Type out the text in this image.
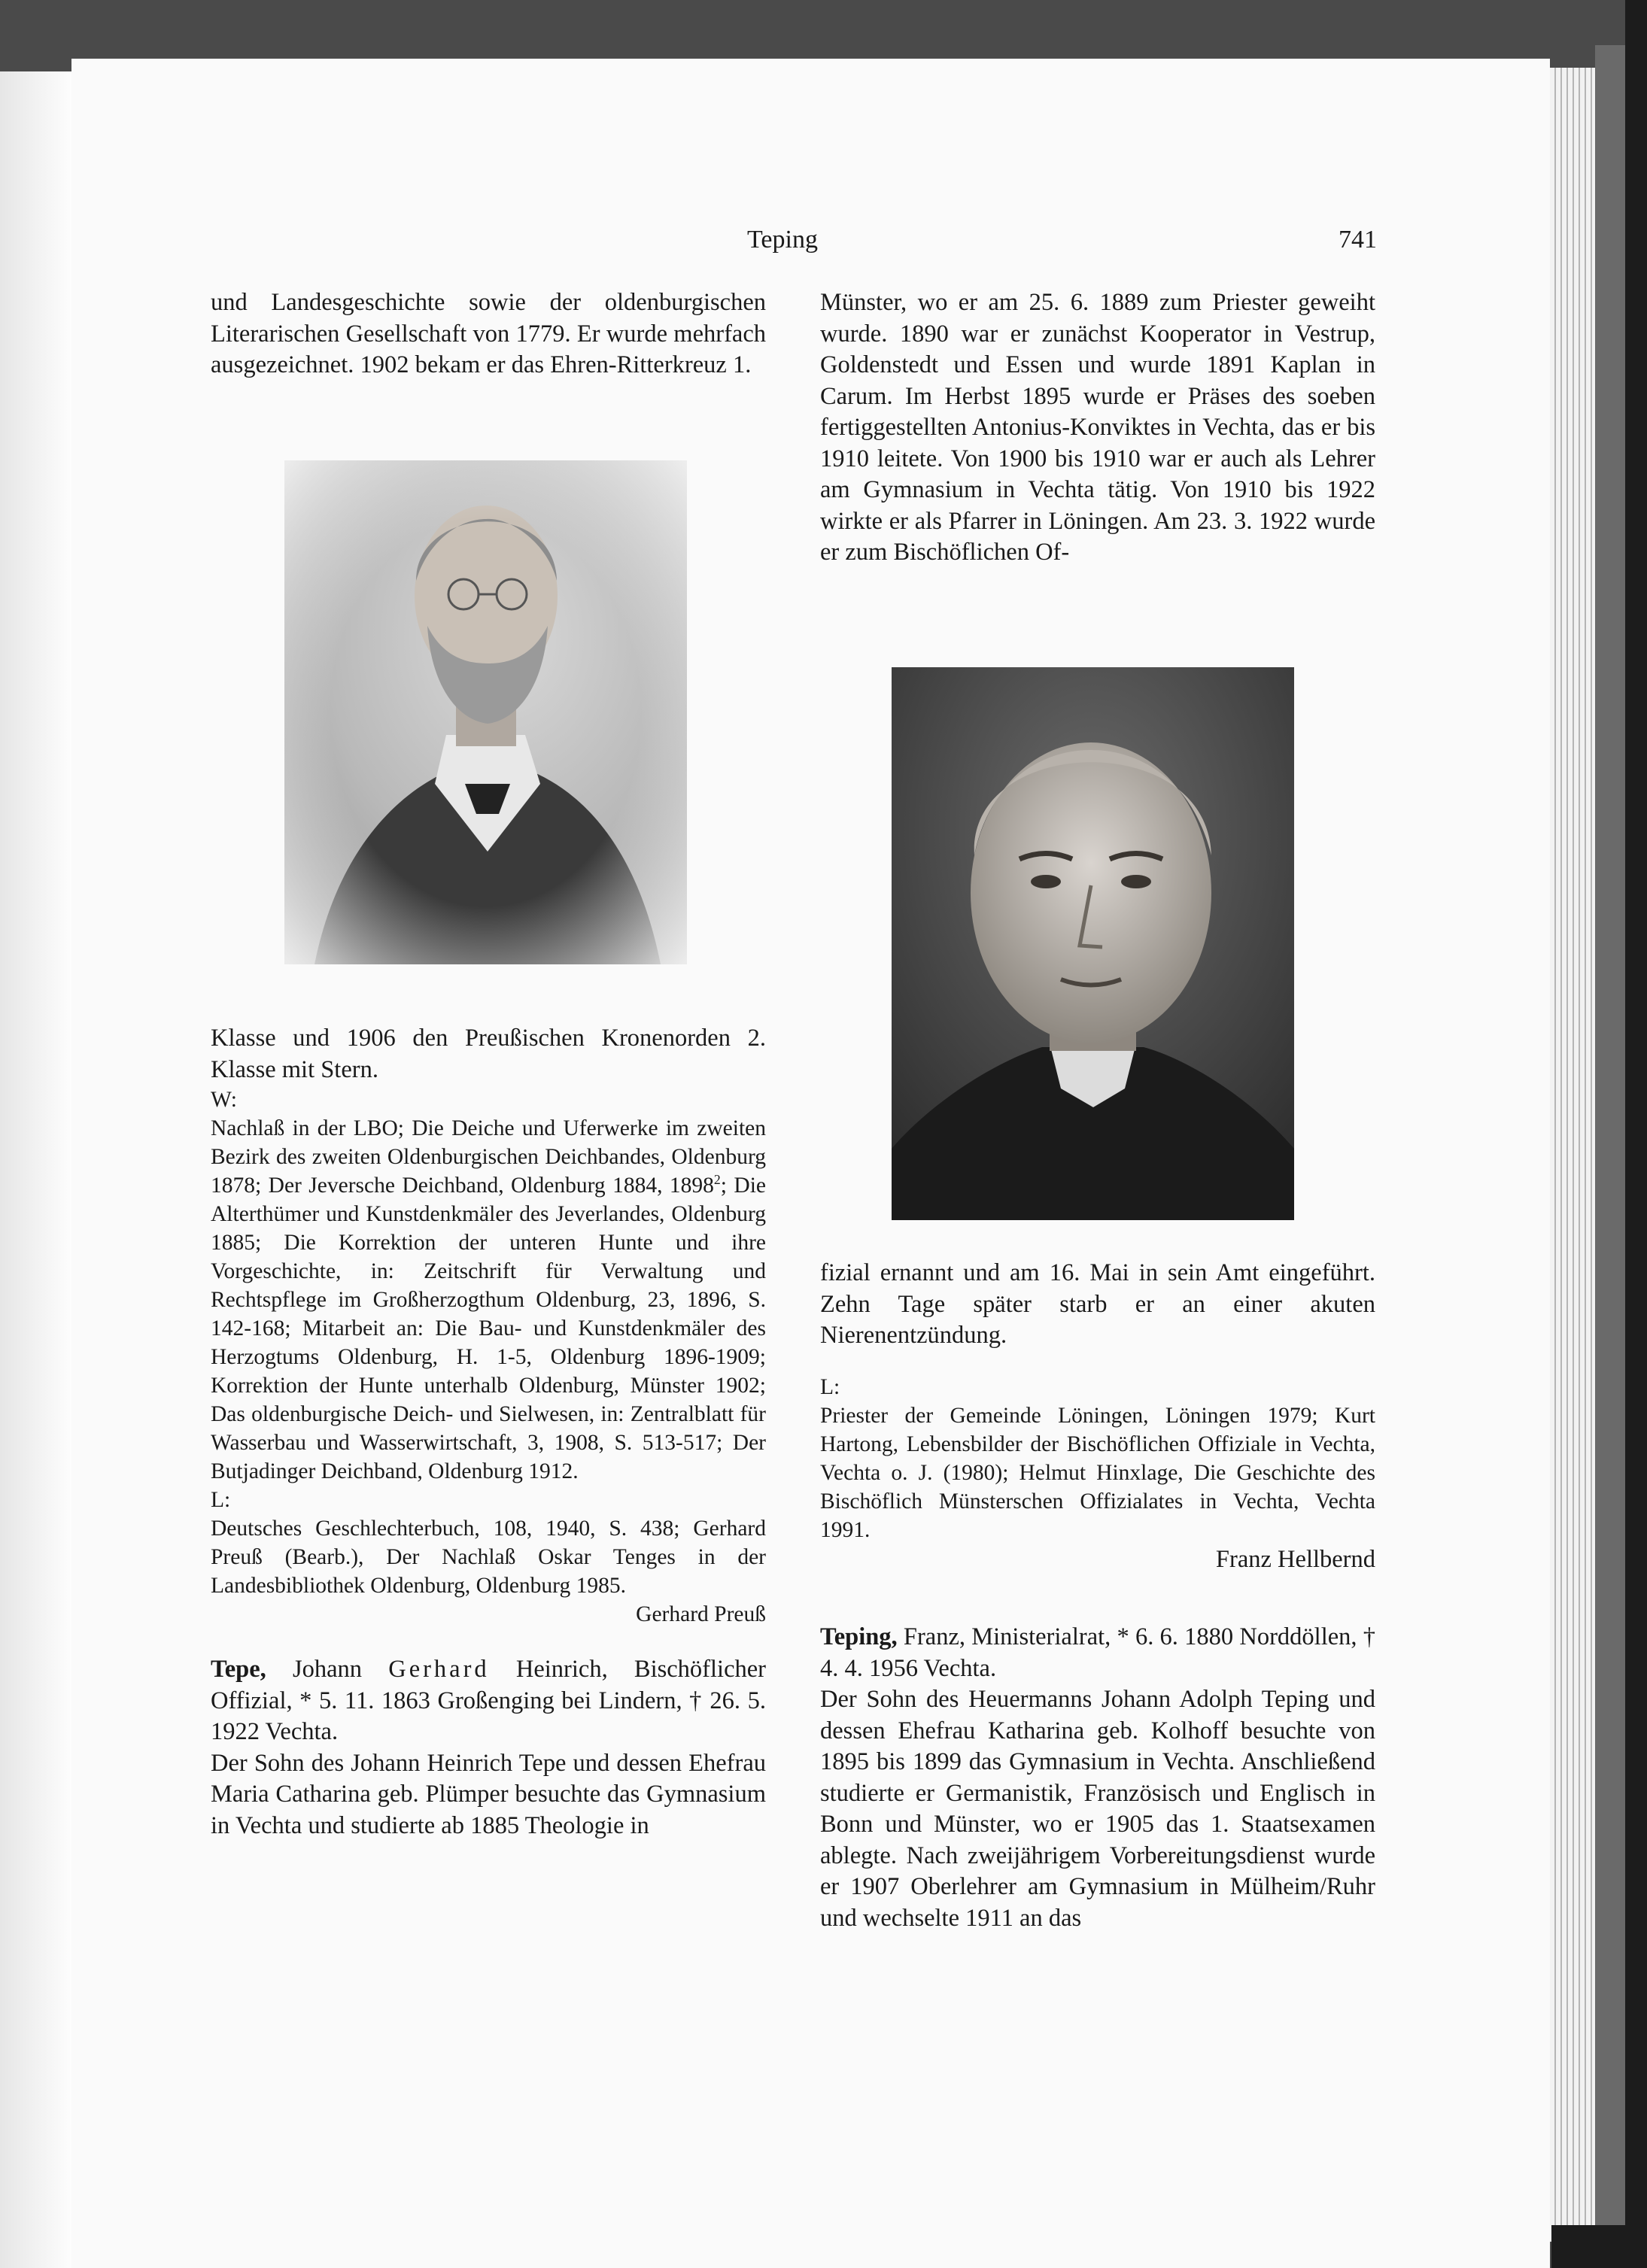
Teping	741

und Landesgeschichte sowie der oldenburgischen Literarischen Gesellschaft von 1779. Er wurde mehrfach ausgezeichnet. 1902 bekam er das Ehren-Ritterkreuz 1.

Klasse und 1906 den Preußischen Kronenorden 2. Klasse mit Stern.

W:

Nachlaß in der LBO; Die Deiche und Uferwerke im zweiten Bezirk des zweiten Oldenburgischen Deichbandes, Oldenburg 1878; Der Jeversche Deichband, Oldenburg 1884, 1898$^2$; Die Alterthümer und Kunstdenkmäler des Jeverlandes, Oldenburg 1885; Die Korrektion der unteren Hunte und ihre Vorgeschichte, in: Zeitschrift für Verwaltung und Rechtspflege im Großherzogthum Oldenburg, 23, 1896, S. 142-168; Mitarbeit an: Die Bau- und Kunstdenkmäler des Herzogtums Oldenburg, H. 1-5, Oldenburg 1896-1909; Korrektion der Hunte unterhalb Oldenburg, Münster 1902; Das oldenburgische Deich- und Sielwesen, in: Zentralblatt für Wasserbau und Wasserwirtschaft, 3, 1908, S. 513-517; Der Butjadinger Deichband, Oldenburg 1912.

L:

Deutsches Geschlechterbuch, 108, 1940, S. 438; Gerhard Preuß (Bearb.), Der Nachlaß Oskar Tenges in der Landesbibliothek Oldenburg, Oldenburg 1985.

Gerhard Preuß

Tepe, Johann Gerhard Heinrich, Bischöflicher Offizial, * 5. 11. 1863 Großenging bei Lindern, † 26. 5. 1922 Vechta.

Der Sohn des Johann Heinrich Tepe und dessen Ehefrau Maria Catharina geb. Plümper besuchte das Gymnasium in Vechta und studierte ab 1885 Theologie in

Münster, wo er am 25. 6. 1889 zum Priester geweiht wurde. 1890 war er zunächst Kooperator in Vestrup, Goldenstedt und Essen und wurde 1891 Kaplan in Carum. Im Herbst 1895 wurde er Präses des soeben fertiggestellten Antonius-Konviktes in Vechta, das er bis 1910 leitete. Von 1900 bis 1910 war er auch als Lehrer am Gymnasium in Vechta tätig. Von 1910 bis 1922 wirkte er als Pfarrer in Löningen. Am 23. 3. 1922 wurde er zum Bischöflichen Of-

fizial ernannt und am 16. Mai in sein Amt eingeführt. Zehn Tage später starb er an einer akuten Nierenentzündung.

L:

Priester der Gemeinde Löningen, Löningen 1979; Kurt Hartong, Lebensbilder der Bischöflichen Offiziale in Vechta, Vechta o. J. (1980); Helmut Hinxlage, Die Geschichte des Bischöflich Münsterschen Offizialates in Vechta, Vechta 1991.

Franz Hellbernd

Teping, Franz, Ministerialrat, * 6. 6. 1880 Norddöllen, † 4. 4. 1956 Vechta.

Der Sohn des Heuermanns Johann Adolph Teping und dessen Ehefrau Katharina geb. Kolhoff besuchte von 1895 bis 1899 das Gymnasium in Vechta. Anschließend studierte er Germanistik, Französisch und Englisch in Bonn und Münster, wo er 1905 das 1. Staatsexamen ablegte. Nach zweijährigem Vorbereitungsdienst wurde er 1907 Oberlehrer am Gymnasium in Mülheim/Ruhr und wechselte 1911 an das
